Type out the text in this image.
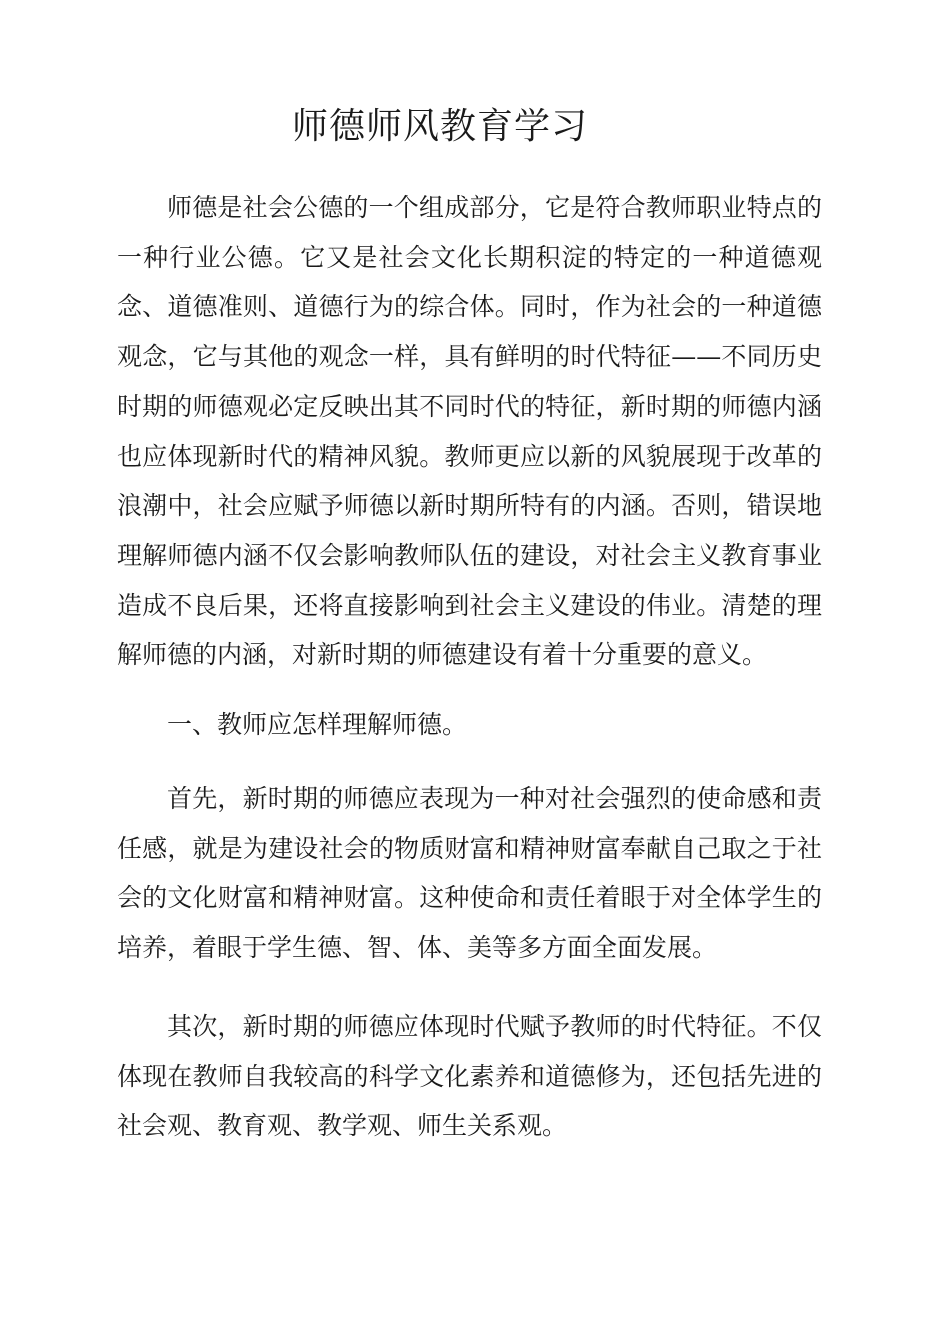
师德师风教育学习

师德是社会公德的一个组成部分，它是符合教师职业特点的一种行业公德。它又是社会文化长期积淀的特定的一种道德观念、道德准则、道德行为的综合体。同时，作为社会的一种道德观念，它与其他的观念一样，具有鲜明的时代特征——不同历史时期的师德观必定反映出其不同时代的特征，新时期的师德内涵也应体现新时代的精神风貌。教师更应以新的风貌展现于改革的浪潮中，社会应赋予师德以新时期所特有的内涵。否则，错误地理解师德内涵不仅会影响教师队伍的建设，对社会主义教育事业造成不良后果，还将直接影响到社会主义建设的伟业。清楚的理解师德的内涵，对新时期的师德建设有着十分重要的意义。

一、教师应怎样理解师德。

首先，新时期的师德应表现为一种对社会强烈的使命感和责任感，就是为建设社会的物质财富和精神财富奉献自己取之于社会的文化财富和精神财富。这种使命和责任着眼于对全体学生的培养，着眼于学生德、智、体、美等多方面全面发展。

其次，新时期的师德应体现时代赋予教师的时代特征。不仅体现在教师自我较高的科学文化素养和道德修为，还包括先进的社会观、教育观、教学观、师生关系观。
